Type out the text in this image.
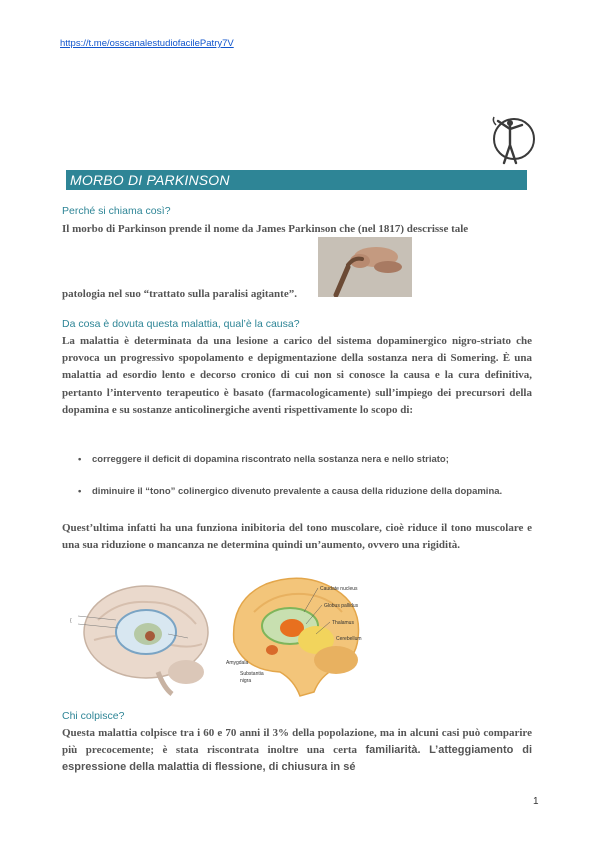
https://t.me/osscanalestudiofacilePatry7V
MORBO DI PARKINSON
Perché si chiama così?
Il morbo di Parkinson prende il nome da James Parkinson che (nel 1817) descrisse tale
patologia nel suo “trattato sulla paralisi agitante”.
Da cosa è dovuta questa malattia, qual’è la causa?
La malattia è determinata da una lesione a carico del sistema dopaminergico nigro-striato che provoca un progressivo spopolamento e depigmentazione della sostanza nera di Somering. È una malattia ad esordio lento e decorso cronico di cui non si conosce la causa e la cura definitiva, pertanto l’intervento terapeutico è basato (farmacologicamente) sull’impiego dei precursori della dopamina e su sostanze anticolinergiche aventi rispettivamente lo scopo di:
• correggere il deficit di dopamina riscontrato nella sostanza nera e nello striato;
• diminuire il “tono” colinergico divenuto prevalente a causa della riduzione della dopamina.
Quest’ultima infatti ha una funziona inibitoria del tono muscolare, cioè riduce il tono muscolare e una sua riduzione o mancanza ne determina quindi un’aumento, ovvero una rigidità.
{
Caudate nucleus
Globus pallidus
Thalamus
Cerebellum
Amygdala
Substantia
nigra
Chi colpisce?
Questa malattia colpisce tra i 60 e 70 anni il 3% della popolazione, ma in alcuni casi può comparire più precocemente; è stata riscontrata inoltre una certa familiarità. L’atteggiamento di espressione della malattia di flessione, di chiusura in sé
1
